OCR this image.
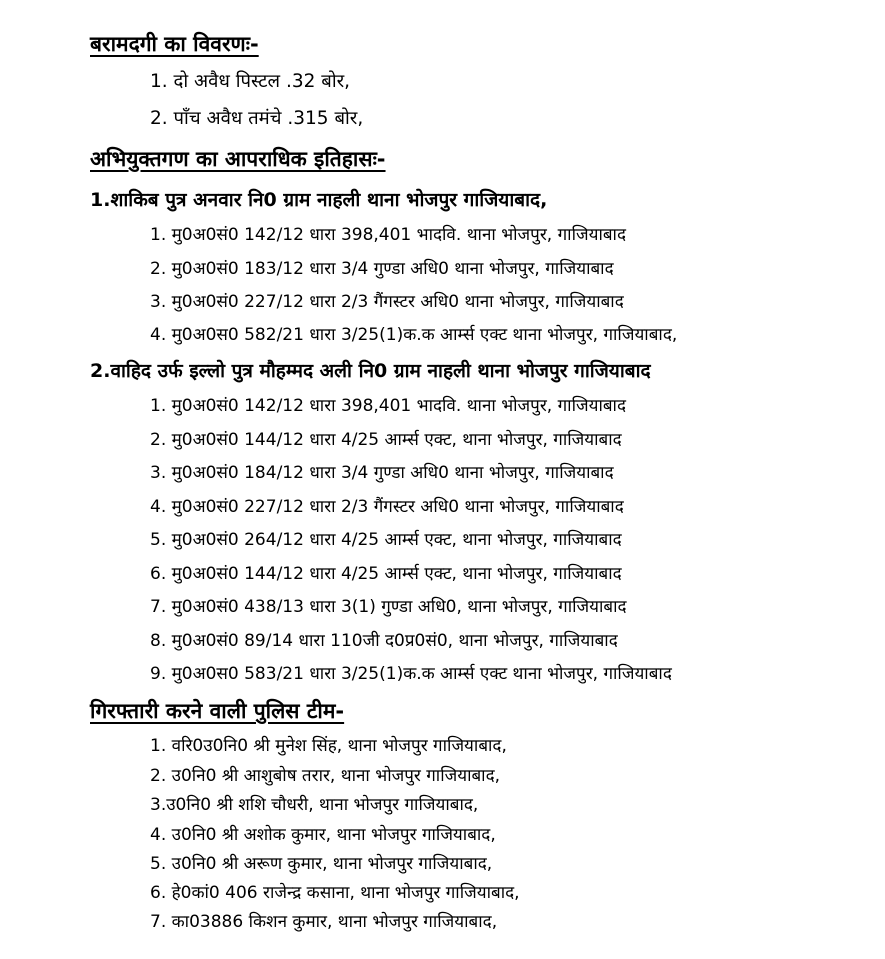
बरामदगी का विवरणः-
1. दो अवैध पिस्टल .32 बोर,
2. पाँच अवैध तमंचे .315 बोर,
अभियुक्तगण का आपराधिक इतिहासः-
1.शाकिब पुत्र अनवार नि0 ग्राम नाहली थाना भोजपुर गाजियाबाद,
1. मु0अ0सं0 142/12 धारा 398,401 भादवि. थाना भोजपुर, गाजियाबाद
2. मु0अ0सं0 183/12 धारा 3/4 गुण्डा अधि0 थाना भोजपुर, गाजियाबाद
3. मु0अ0सं0 227/12 धारा 2/3 गैंगस्टर अधि0 थाना भोजपुर, गाजियाबाद
4. मु0अ0स0 582/21 धारा 3/25(1)क.क आर्म्स एक्ट थाना भोजपुर, गाजियाबाद,
2.वाहिद उर्फ इल्लो पुत्र मौहम्मद अली नि0 ग्राम नाहली थाना भोजपुर गाजियाबाद
1. मु0अ0सं0 142/12 धारा 398,401 भादवि. थाना भोजपुर, गाजियाबाद
2. मु0अ0सं0 144/12 धारा 4/25 आर्म्स एक्ट, थाना भोजपुर, गाजियाबाद
3. मु0अ0सं0 184/12 धारा 3/4 गुण्डा अधि0 थाना भोजपुर, गाजियाबाद
4. मु0अ0सं0 227/12 धारा 2/3 गैंगस्टर अधि0 थाना भोजपुर, गाजियाबाद
5. मु0अ0सं0 264/12 धारा 4/25 आर्म्स एक्ट, थाना भोजपुर, गाजियाबाद
6. मु0अ0सं0 144/12 धारा 4/25 आर्म्स एक्ट, थाना भोजपुर, गाजियाबाद
7. मु0अ0सं0 438/13 धारा 3(1) गुण्डा अधि0, थाना भोजपुर, गाजियाबाद
8. मु0अ0सं0 89/14 धारा 110जी द0प्र0सं0, थाना भोजपुर, गाजियाबाद
9. मु0अ0स0 583/21 धारा 3/25(1)क.क आर्म्स एक्ट थाना भोजपुर, गाजियाबाद
गिरफ्तारी करने वाली पुलिस टीम-
1. वरि0उ0नि0 श्री मुनेश सिंह, थाना भोजपुर गाजियाबाद,
2. उ0नि0 श्री आशुबोष तरार, थाना भोजपुर गाजियाबाद,
3.उ0नि0 श्री शशि चौधरी, थाना भोजपुर गाजियाबाद,
4. उ0नि0 श्री अशोक कुमार, थाना भोजपुर गाजियाबाद,
5. उ0नि0 श्री अरूण कुमार, थाना भोजपुर गाजियाबाद,
6. हे0कां0 406 राजेन्द्र कसाना, थाना भोजपुर गाजियाबाद,
7. का03886 किशन कुमार, थाना भोजपुर गाजियाबाद,
